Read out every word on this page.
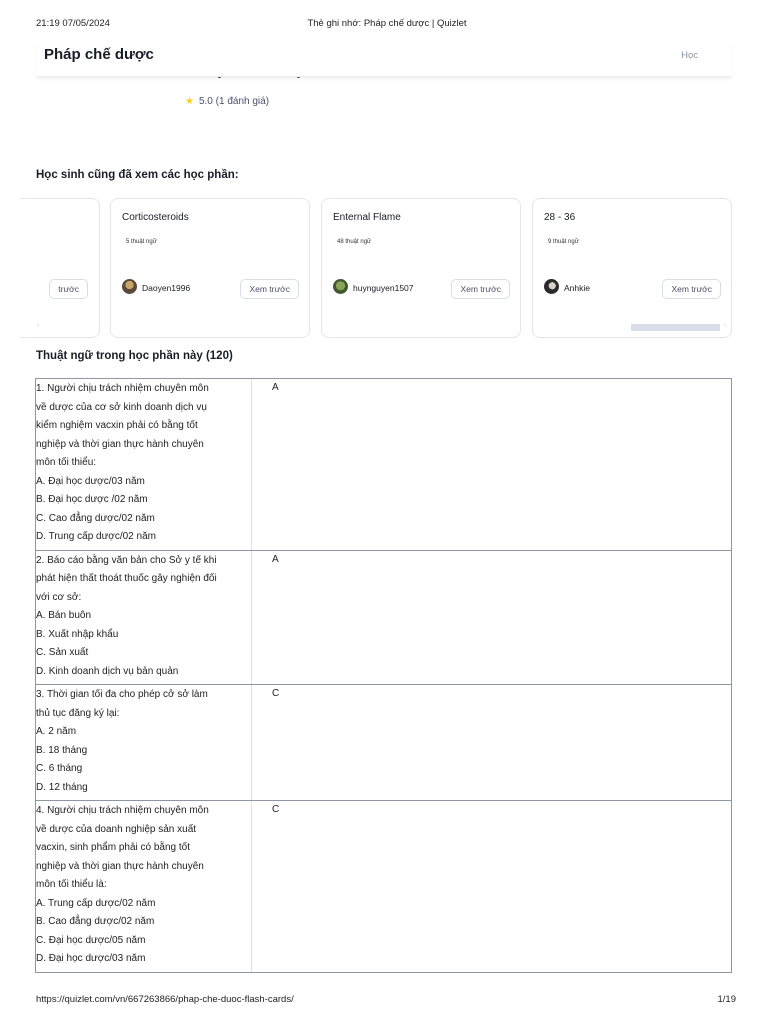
21:19 07/05/2024	Thẻ ghi nhớ: Pháp chế dược | Quizlet
Pháp chế dược	Học
★ 5.0 (1 đánh giá)
Học sinh cũng đã xem các học phần:
trước
Corticosteroids
5 thuật ngữ
Daoyen1996	Xem trước
Enternal Flame
48 thuật ngữ
huynguyen1507	Xem trước
28 - 36
9 thuật ngữ
Anhkie	Xem trước
‹	›
Thuật ngữ trong học phần này (120)
1. Người chịu trách nhiệm chuyên môn
về dược của cơ sở kinh doanh dịch vụ
kiểm nghiệm vacxin phải có bằng tốt
nghiệp và thời gian thực hành chuyên
môn tối thiểu:
A. Đại học dược/03 năm
B. Đại học dược /02 năm
C. Cao đẳng dược/02 năm
D. Trung cấp dược/02 năm
A
2. Báo cáo bằng văn bản cho Sở y tế khi
phát hiện thất thoát thuốc gây nghiện đối
với cơ sở:
A. Bán buôn
B. Xuất nhập khẩu
C. Sản xuất
D. Kinh doanh dịch vụ bản quản
A
3. Thời gian tối đa cho phép cở sở làm
thủ tục đăng ký lại:
A. 2 năm
B. 18 tháng
C. 6 tháng
D. 12 tháng
C
4. Người chịu trách nhiệm chuyên môn
về dược của doanh nghiệp sản xuất
vacxin, sinh phẩm phải có bằng tốt
nghiệp và thời gian thực hành chuyên
môn tối thiểu là:
A. Trung cấp dược/02 năm
B. Cao đẳng dược/02 năm
C. Đại học dược/05 năm
D. Đại học dược/03 năm
C
https://quizlet.com/vn/667263866/phap-che-duoc-flash-cards/	1/19
